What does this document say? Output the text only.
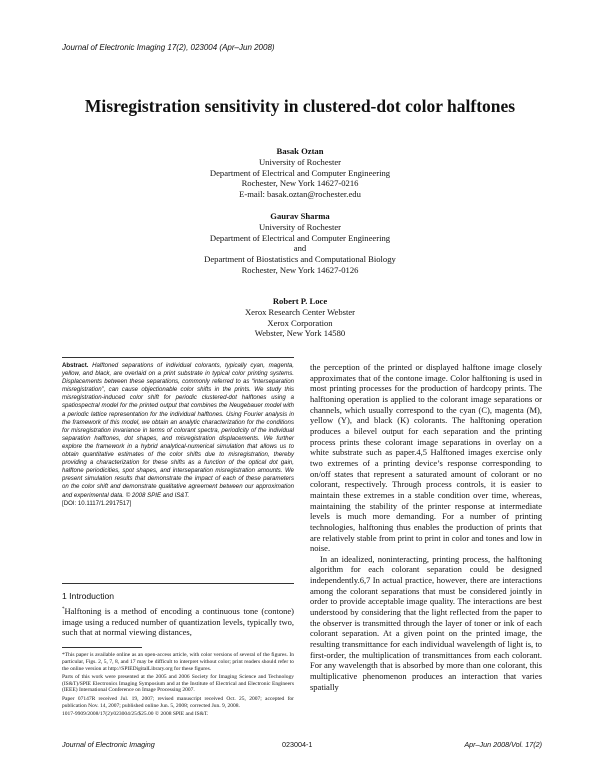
Journal of Electronic Imaging 17(2), 023004 (Apr–Jun 2008)
Misregistration sensitivity in clustered-dot color halftones
Basak Oztan
University of Rochester
Department of Electrical and Computer Engineering
Rochester, New York 14627-0216
E-mail: basak.oztan@rochester.edu
Gaurav Sharma
University of Rochester
Department of Electrical and Computer Engineering
and
Department of Biostatistics and Computational Biology
Rochester, New York 14627-0126
Robert P. Loce
Xerox Research Center Webster
Xerox Corporation
Webster, New York 14580
Abstract. Halftoned separations of individual colorants, typically cyan, magenta, yellow, and black, are overlaid on a print substrate in typical color printing systems. Displacements between these separations, commonly referred to as “interseparation misregistration”, can cause objectionable color shifts in the prints. We study this misregistration-induced color shift for periodic clustered-dot halftones using a spatiospectral model for the printed output that combines the Neugebauer model with a periodic lattice representation for the individual halftones. Using Fourier analysis in the framework of this model, we obtain an analytic characterization for the conditions for misregistration invariance in terms of colorant spectra, periodicity of the individual separation halftones, dot shapes, and misregistration displacements. We further explore the framework in a hybrid analytical-numerical simulation that allows us to obtain quantitative estimates of the color shifts due to misregistration, thereby providing a characterization for these shifts as a function of the optical dot gain, halftone periodicities, spot shapes, and interseparation misregistration amounts. We present simulation results that demonstrate the impact of each of these parameters on the color shift and demonstrate qualitative agreement between our approximation and experimental data. © 2008 SPIE and IS&T.
[DOI: 10.1117/1.2917517]
1 Introduction
*Halftoning is a method of encoding a continuous tone (contone) image using a reduced number of quantization levels, typically two, such that at normal viewing distances,

*This paper is available online as an open-access article, with color versions of several of the figures. In particular, Figs. 2, 5, 7, 8, and 17 may be difficult to interpret without color; print readers should refer to the online version at http://SPIEDigitalLibrary.org for these figures.

Parts of this work were presented at the 2005 and 2006 Society for Imaging Science and Technology (IS&T)/SPIE Electronics Imaging Symposium and at the Institute of Electrical and Electronic Engineers (IEEE) International Conference on Image Processing 2007.

Paper 07147R received Jul. 19, 2007; revised manuscript received Oct. 25, 2007; accepted for publication Nov. 14, 2007; published online Jun. 5, 2008; corrected Jun. 9, 2008.

1017-9909/2008/17(2)/023004/25/$25.00 © 2008 SPIE and IS&T.

the perception of the printed or displayed halftone image closely approximates that of the contone image. Color halftoning is used in most printing processes for the production of hardcopy prints. The halftoning operation is applied to the colorant image separations or channels, which usually correspond to the cyan (C), magenta (M), yellow (Y), and black (K) colorants. The halftoning operation produces a bilevel output for each separation and the printing process prints these colorant image separations in overlay on a white substrate such as paper.4,5 Halftoned images exercise only two extremes of a printing device’s response corresponding to on/off states that represent a saturated amount of colorant or no colorant, respectively. Through process controls, it is easier to maintain these extremes in a stable condition over time, whereas, maintaining the stability of the printer response at intermediate levels is much more demanding. For a number of printing technologies, halftoning thus enables the production of prints that are relatively stable from print to print in color and tones and low in noise.

In an idealized, noninteracting, printing process, the halftoning algorithm for each colorant separation could be designed independently.6,7 In actual practice, however, there are interactions among the colorant separations that must be considered jointly in order to provide acceptable image quality. The interactions are best understood by considering that the light reflected from the paper to the observer is transmitted through the layer of toner or ink of each colorant separation. At a given point on the printed image, the resulting transmittance for each individual wavelength of light is, to first-order, the multiplication of transmittances from each colorant. For any wavelength that is absorbed by more than one colorant, this multiplicative phenomenon produces an interaction that varies spatially

Journal of Electronic Imaging	023004-1	Apr–Jun 2008/Vol. 17(2)
